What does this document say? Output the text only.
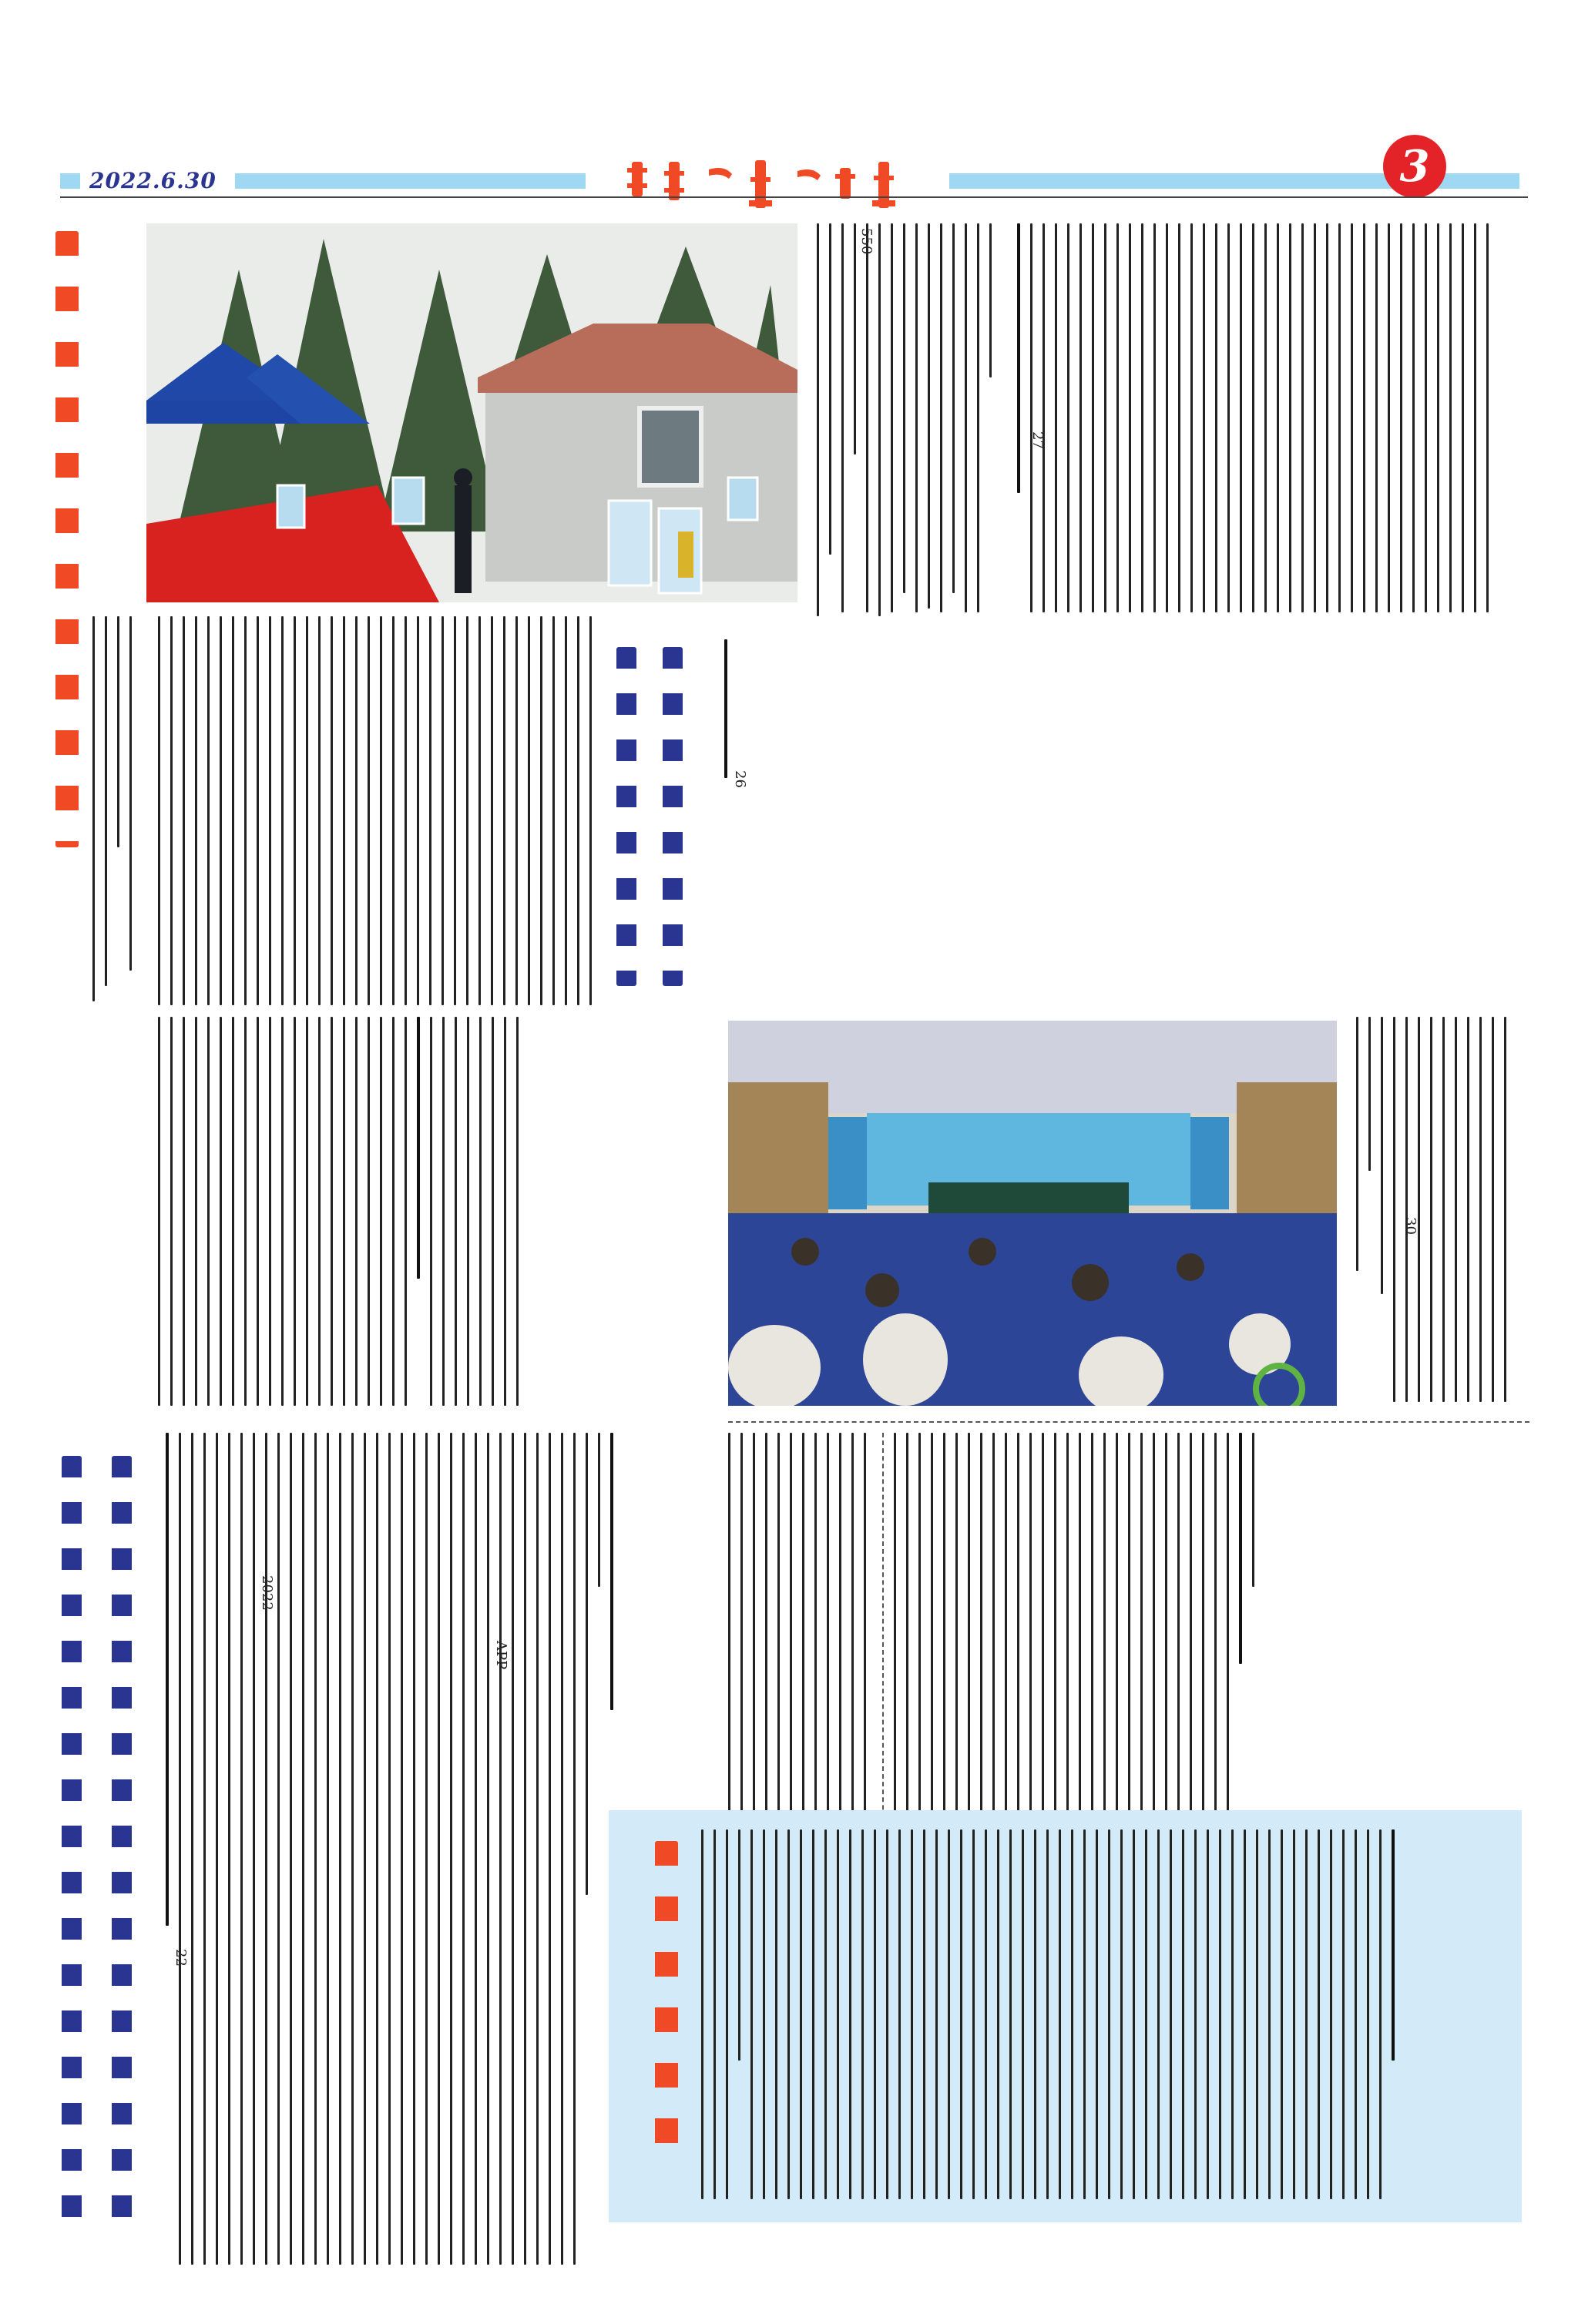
2022.6.30	3
550
27
26
30
22
2022
APP
